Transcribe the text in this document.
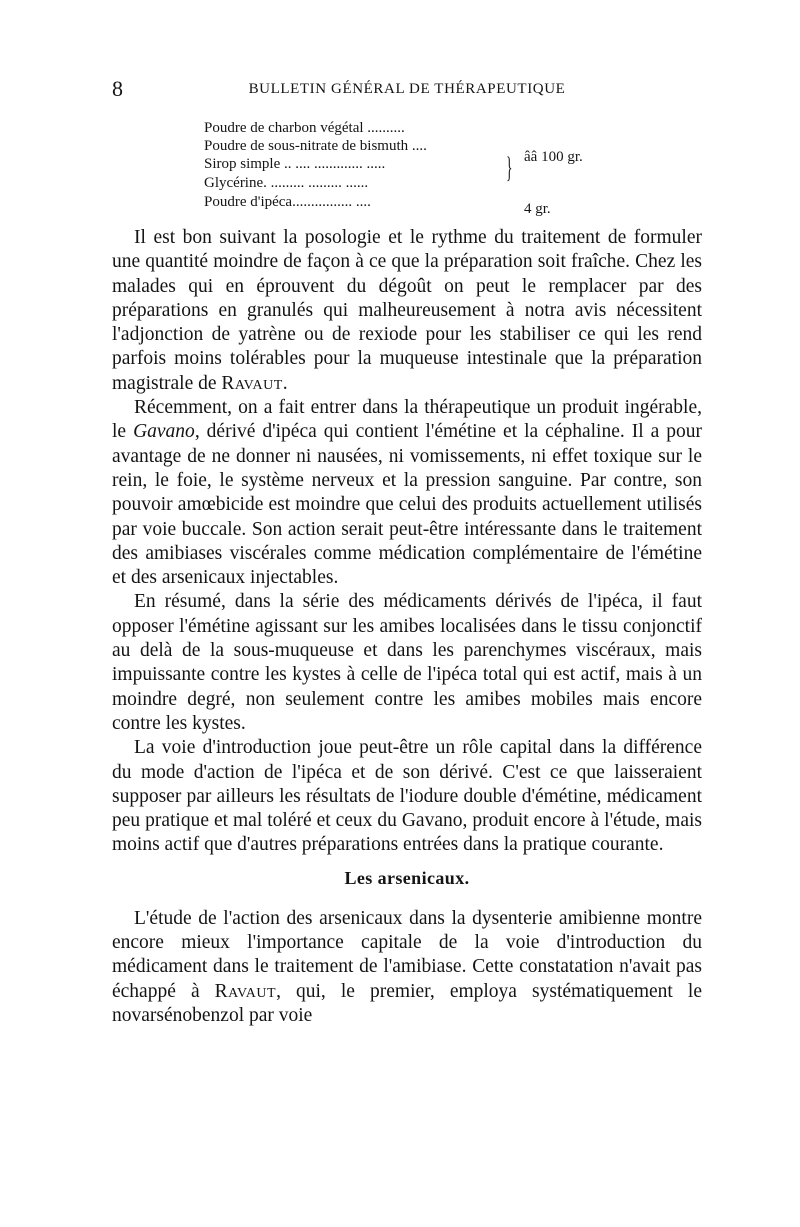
8	BULLETIN GÉNÉRAL DE THÉRAPEUTIQUE
Poudre de charbon végétal ..........
Poudre de sous-nitrate de bismuth ....
Sirop simple .. .... ............. .....
Glycérine. ......... ......... ......
Poudre d'ipéca................ ....
} ââ 100 gr.
4 gr.

Il est bon suivant la posologie et le rythme du traitement de formuler une quantité moindre de façon à ce que la préparation soit fraîche. Chez les malades qui en éprouvent du dégoût on peut le remplacer par des préparations en granulés qui malheureusement à notra avis nécessitent l'adjonction de yatrène ou de rexiode pour les stabiliser ce qui les rend parfois moins tolérables pour la muqueuse intestinale que la préparation magistrale de Ravaut.

Récemment, on a fait entrer dans la thérapeutique un produit ingérable, le Gavano, dérivé d'ipéca qui contient l'émétine et la céphaline. Il a pour avantage de ne donner ni nausées, ni vomissements, ni effet toxique sur le rein, le foie, le système nerveux et la pression sanguine. Par contre, son pouvoir amœbicide est moindre que celui des produits actuellement utilisés par voie buccale. Son action serait peut-être intéressante dans le traitement des amibiases viscérales comme médication complémentaire de l'émétine et des arsenicaux injectables.

En résumé, dans la série des médicaments dérivés de l'ipéca, il faut opposer l'émétine agissant sur les amibes localisées dans le tissu conjonctif au delà de la sous-muqueuse et dans les parenchymes viscéraux, mais impuissante contre les kystes à celle de l'ipéca total qui est actif, mais à un moindre degré, non seulement contre les amibes mobiles mais encore contre les kystes.

La voie d'introduction joue peut-être un rôle capital dans la différence du mode d'action de l'ipéca et de son dérivé. C'est ce que laisseraient supposer par ailleurs les résultats de l'iodure double d'émétine, médicament peu pratique et mal toléré et ceux du Gavano, produit encore à l'étude, mais moins actif que d'autres préparations entrées dans la pratique courante.

Les arsenicaux.

L'étude de l'action des arsenicaux dans la dysenterie amibienne montre encore mieux l'importance capitale de la voie d'introduction du médicament dans le traitement de l'amibiase. Cette constatation n'avait pas échappé à Ravaut, qui, le premier, employa systématiquement le novarsénobenzol par voie
